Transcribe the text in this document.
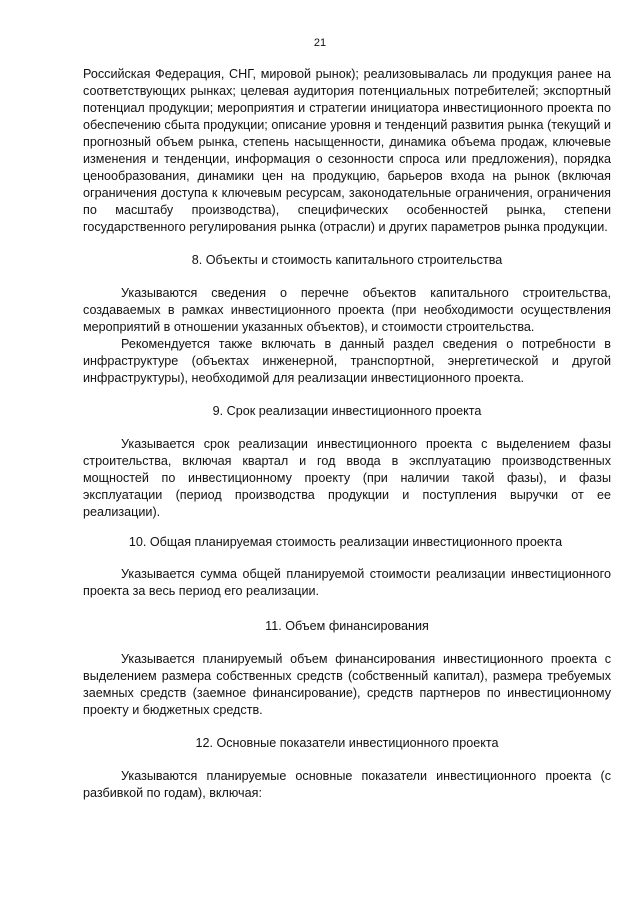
21

Российская Федерация, СНГ, мировой рынок); реализовывалась ли продукция ранее на соответствующих рынках; целевая аудитория потенциальных потребителей; экспортный потенциал продукции; мероприятия и стратегии инициатора инвестиционного проекта по обеспечению сбыта продукции; описание уровня и тенденций развития рынка (текущий и прогнозный объем рынка, степень насыщенности, динамика объема продаж, ключевые изменения и тенденции, информация о сезонности спроса или предложения), порядка ценообразования, динамики цен на продукцию, барьеров входа на рынок (включая ограничения доступа к ключевым ресурсам, законодательные ограничения, ограничения по масштабу производства), специфических особенностей рынка, степени государственного регулирования рынка (отрасли) и других параметров рынка продукции.

8. Объекты и стоимость капитального строительства

Указываются сведения о перечне объектов капитального строительства, создаваемых в рамках инвестиционного проекта (при необходимости осуществления мероприятий в отношении указанных объектов), и стоимости строительства.

Рекомендуется также включать в данный раздел сведения о потребности в инфраструктуре (объектах инженерной, транспортной, энергетической и другой инфраструктуры), необходимой для реализации инвестиционного проекта.

9. Срок реализации инвестиционного проекта

Указывается срок реализации инвестиционного проекта с выделением фазы строительства, включая квартал и год ввода в эксплуатацию производственных мощностей по инвестиционному проекту (при наличии такой фазы), и фазы эксплуатации (период производства продукции и поступления выручки от ее реализации).

10. Общая планируемая стоимость реализации инвестиционного проекта

Указывается сумма общей планируемой стоимости реализации инвестиционного проекта за весь период его реализации.

11. Объем финансирования

Указывается планируемый объем финансирования инвестиционного проекта с выделением размера собственных средств (собственный капитал), размера требуемых заемных средств (заемное финансирование), средств партнеров по инвестиционному проекту и бюджетных средств.

12. Основные показатели инвестиционного проекта

Указываются планируемые основные показатели инвестиционного проекта (с разбивкой по годам), включая:
